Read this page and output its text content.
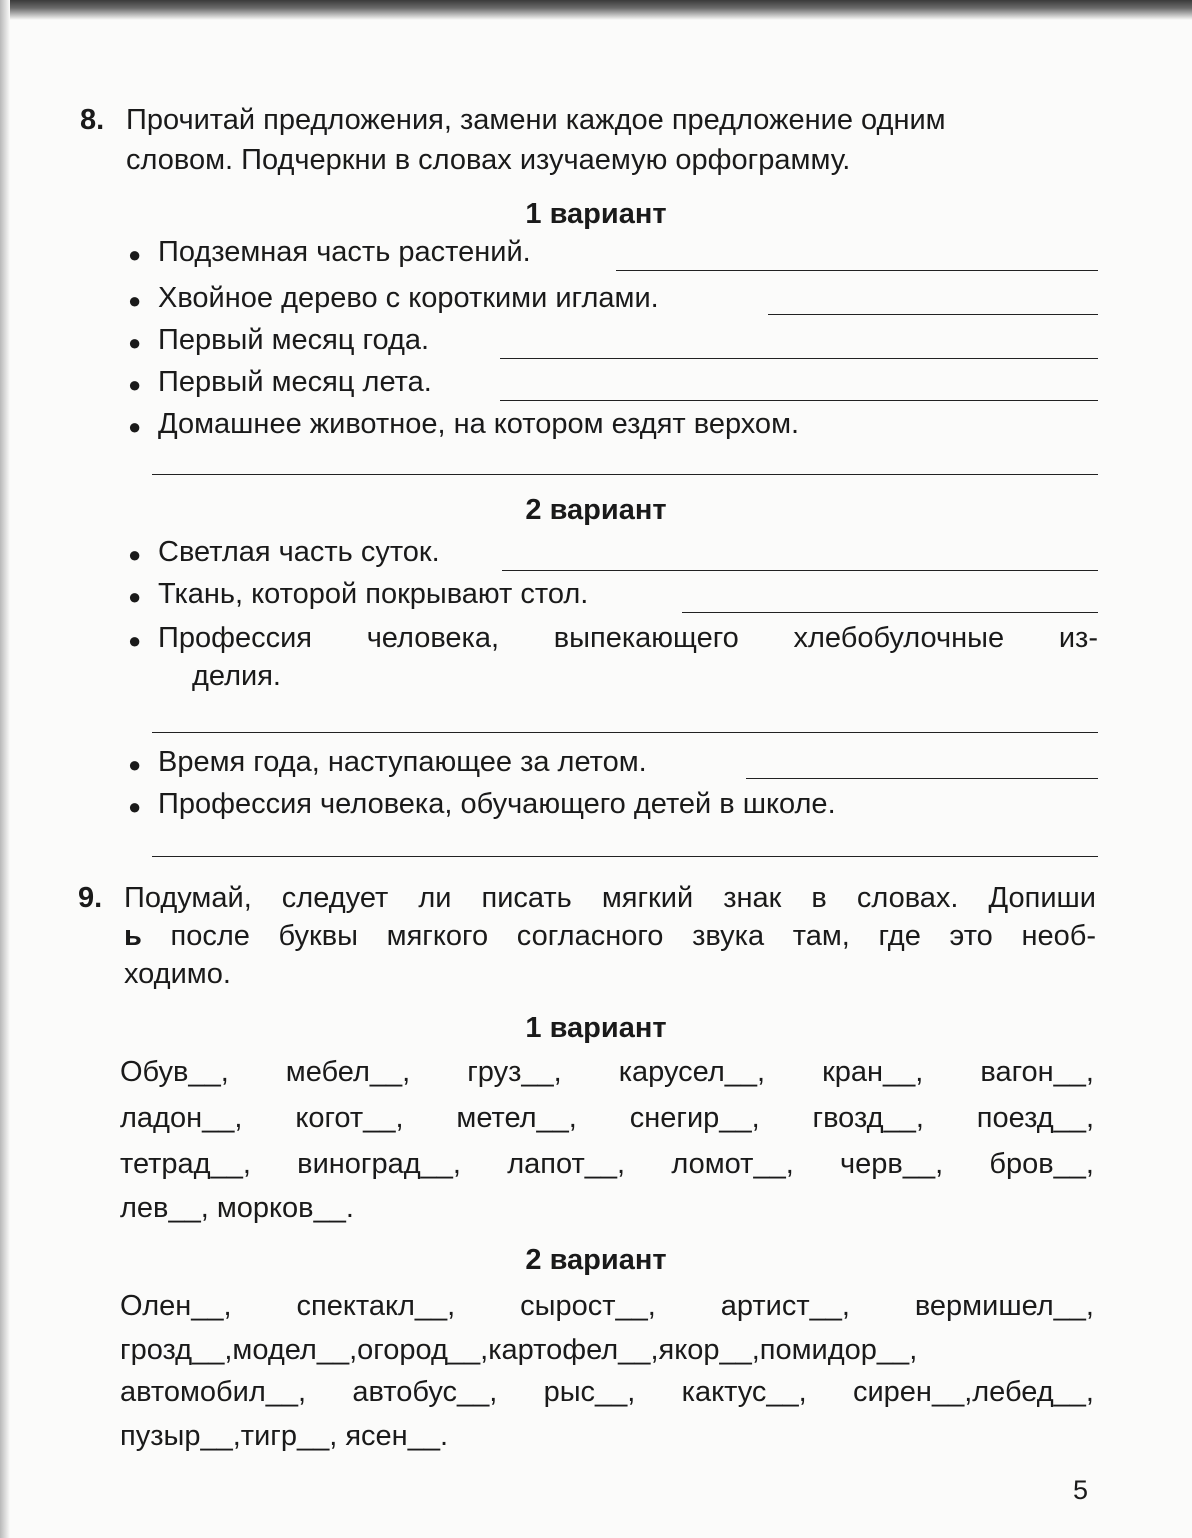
8. Прочитай предложения, замени каждое предложение одним
словом. Подчеркни в словах изучаемую орфограмму.
1 вариант
● Подземная часть растений.
● Хвойное дерево с короткими иглами.
● Первый месяц года.
● Первый месяц лета.
● Домашнее животное, на котором ездят верхом.
2 вариант
● Светлая часть суток.
● Ткань, которой покрывают стол.
● Профессия человека, выпекающего хлебобулочные из-
делия.
● Время года, наступающее за летом.
● Профессия человека, обучающего детей в школе.
9. Подумай, следует ли писать мягкий знак в словах. Допиши
ь после буквы мягкого согласного звука там, где это необ-
ходимо.
1 вариант
Обув__, мебел__, груз__, карусел__, кран__, вагон__,
ладон__, когот__, метел__, снегир__, гвозд__, поезд__,
тетрад__, виноград__, лапот__, ломот__, черв__, бров__,
лев__, морков__.
2 вариант
Олен__, спектакл__, сырост__, артист__, вермишел__,
грозд__,модел__,огород__,картофел__,якор__,помидор__,
автомобил__, автобус__, рыс__, кактус__, сирен__,лебед__,
пузыр__,тигр__, ясен__.
5
